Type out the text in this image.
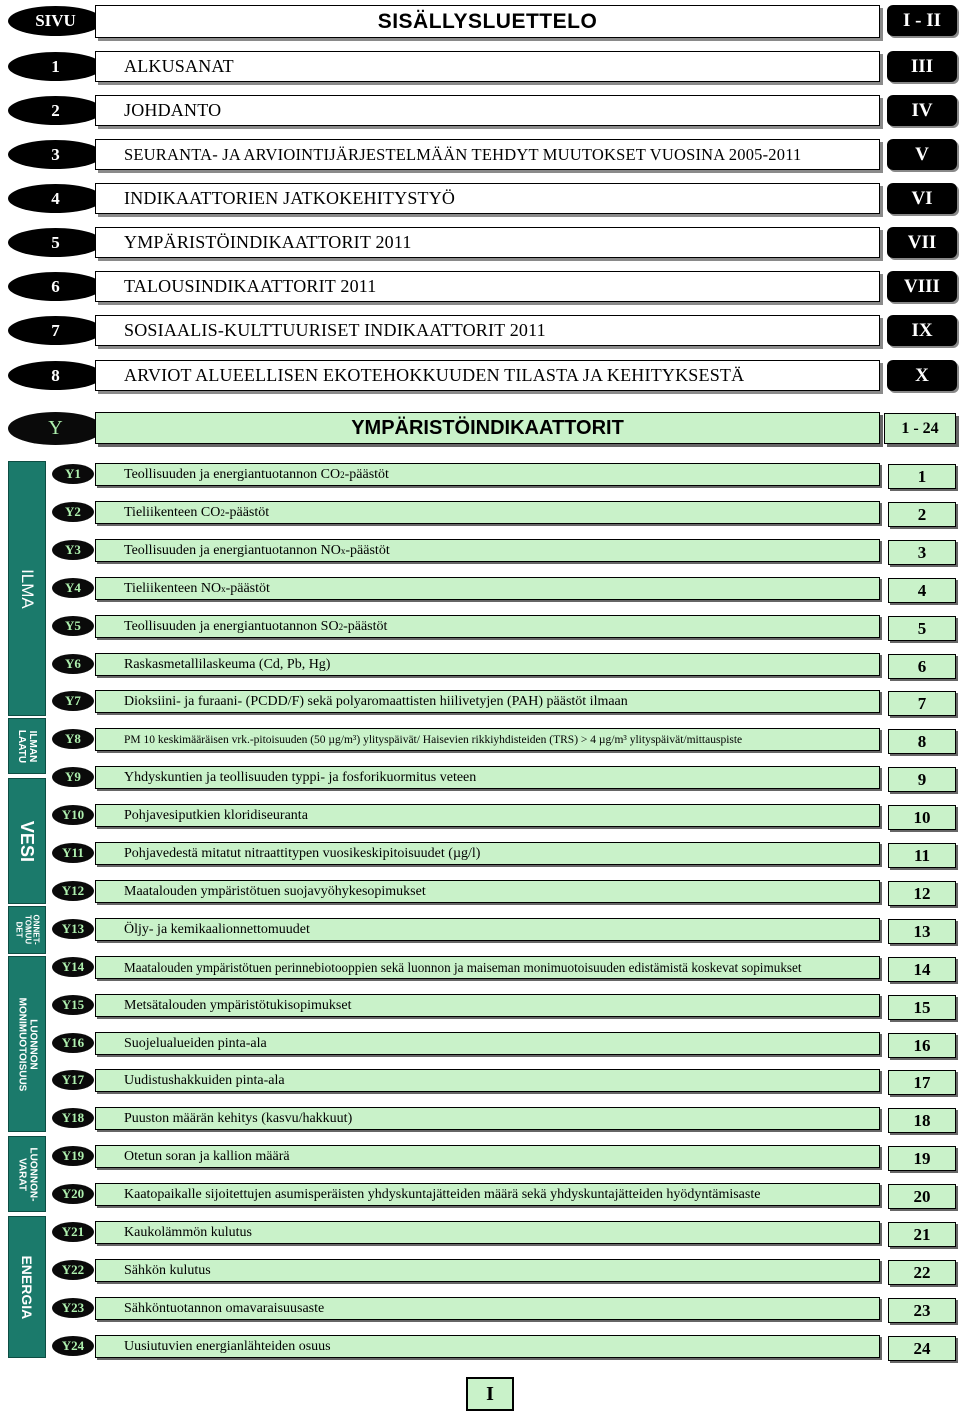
SIVU	SISÄLLYSLUETTELO	I - II
1	ALKUSANAT	III
2	JOHDANTO	IV
3	SEURANTA- JA ARVIOINTIJÄRJESTELMÄÄN TEHDYT MUUTOKSET VUOSINA 2005-2011	V
4	INDIKAATTORIEN JATKOKEHITYSTYÖ	VI
5	YMPÄRISTÖINDIKAATTORIT 2011	VII
6	TALOUSINDIKAATTORIT 2011	VIII
7	SOSIAALIS-KULTTUURISET INDIKAATTORIT 2011	IX
8	ARVIOT ALUEELLISEN EKOTEHOKKUUDEN TILASTA JA KEHITYKSESTÄ	X
Y	YMPÄRISTÖINDIKAATTORIT	1 - 24
ILMA
ILMAN
LAATU
VESI
ONNET-
TOMUU
DET
LUONNON
MONIMUOTOISUUS
LUONNON-
VARAT
ENERGIA
Y1	Teollisuuden ja energiantuotannon CO 2 -päästöt	1
Y2	Tieliikenteen CO 2 -päästöt	2
Y3	Teollisuuden ja energiantuotannon NO x -päästöt	3
Y4	Tieliikenteen NO x -päästöt	4
Y5	Teollisuuden ja energiantuotannon SO 2 -päästöt	5
Y6	Raskasmetallilaskeuma (Cd, Pb, Hg)	6
Y7	Dioksiini- ja furaani- (PCDD/F) sekä polyaromaattisten hiilivetyjen (PAH) päästöt ilmaan	7
Y8	PM 10 keskimääräisen vrk.-pitoisuuden (50 µg/m³) ylityspäivät/ Haisevien rikkiyhdisteiden (TRS) > 4 µg/m³ ylityspäivät/mittauspiste	8
Y9	Yhdyskuntien ja teollisuuden typpi- ja fosforikuormitus veteen	9
Y10	Pohjavesiputkien kloridiseuranta	10
Y11	Pohjavedestä mitatut nitraattitypen vuosikeskipitoisuudet (µg/l)	11
Y12	Maatalouden ympäristötuen suojavyöhykesopimukset	12
Y13	Öljy- ja kemikaalionnettomuudet	13
Y14	Maatalouden ympäristötuen perinnebiotooppien sekä luonnon ja maiseman monimuotoisuuden edistämistä koskevat sopimukset	14
Y15	Metsätalouden ympäristötukisopimukset	15
Y16	Suojelualueiden pinta-ala	16
Y17	Uudistushakkuiden pinta-ala	17
Y18	Puuston määrän kehitys (kasvu/hakkuut)	18
Y19	Otetun soran ja kallion määrä	19
Y20	Kaatopaikalle sijoitettujen asumisperäisten yhdyskuntajätteiden määrä sekä yhdyskuntajätteiden hyödyntämisaste	20
Y21	Kaukolämmön kulutus	21
Y22	Sähkön kulutus	22
Y23	Sähköntuotannon omavaraisuusaste	23
Y24	Uusiutuvien energianlähteiden osuus	24
I
